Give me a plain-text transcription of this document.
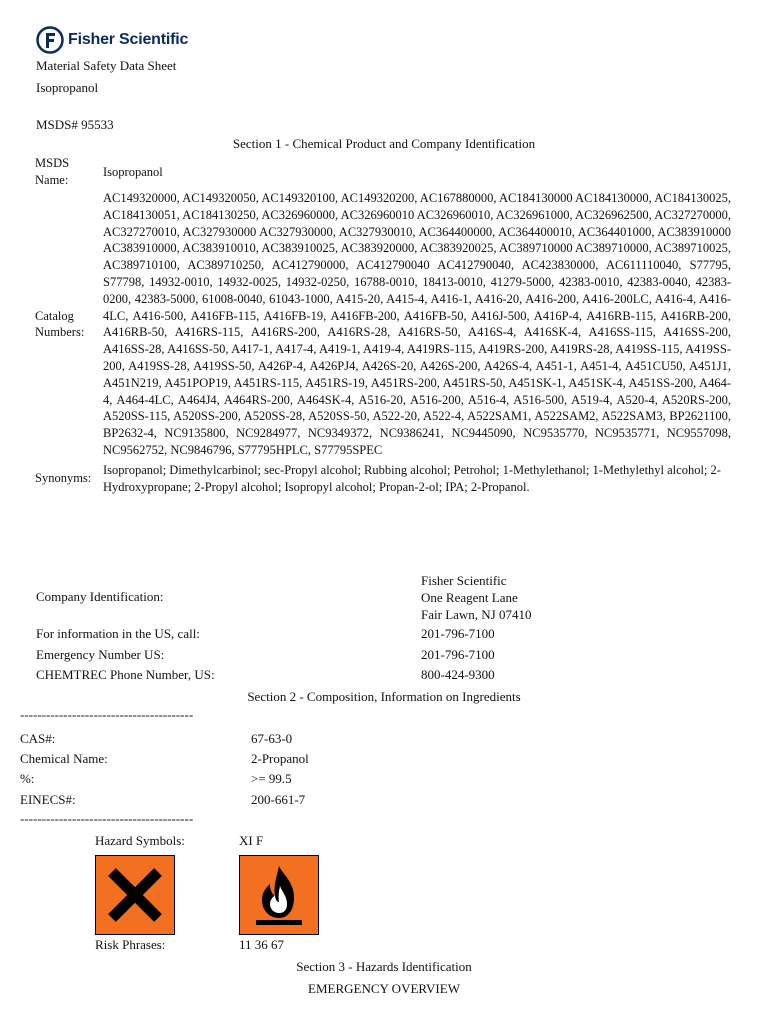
Fisher Scientific
Material Safety Data Sheet
Isopropanol
MSDS# 95533
Section 1 - Chemical Product and Company Identification
MSDS Name:	Isopropanol
Catalog Numbers:	AC149320000, AC149320050, AC149320100, AC149320200, AC167880000, AC184130000 AC184130000, AC184130025, AC184130051, AC184130250, AC326960000, AC326960010 AC326960010, AC326961000, AC326962500, AC327270000, AC327270010, AC327930000 AC327930000, AC327930010, AC364400000, AC364400010, AC364401000, AC383910000 AC383910000, AC383910010, AC383910025, AC383920000, AC383920025, AC389710000 AC389710000, AC389710025, AC389710100, AC389710250, AC412790000, AC412790040 AC412790040, AC423830000, AC611110040, S77795, S77798, 14932-0010, 14932-0025, 14932-0250, 16788-0010, 18413-0010, 41279-5000, 42383-0010, 42383-0040, 42383-0200, 42383-5000, 61008-0040, 61043-1000, A415-20, A415-4, A416-1, A416-20, A416-200, A416-200LC, A416-4, A416-4LC, A416-500, A416FB-115, A416FB-19, A416FB-200, A416FB-50, A416J-500, A416P-4, A416RB-115, A416RB-200, A416RB-50, A416RS-115, A416RS-200, A416RS-28, A416RS-50, A416S-4, A416SK-4, A416SS-115, A416SS-200, A416SS-28, A416SS-50, A417-1, A417-4, A419-1, A419-4, A419RS-115, A419RS-200, A419RS-28, A419SS-115, A419SS-200, A419SS-28, A419SS-50, A426P-4, A426PJ4, A426S-20, A426S-200, A426S-4, A451-1, A451-4, A451CU50, A451J1, A451N219, A451POP19, A451RS-115, A451RS-19, A451RS-200, A451RS-50, A451SK-1, A451SK-4, A451SS-200, A464-4, A464-4LC, A464J4, A464RS-200, A464SK-4, A516-20, A516-200, A516-4, A516-500, A519-4, A520-4, A520RS-200, A520SS-115, A520SS-200, A520SS-28, A520SS-50, A522-20, A522-4, A522SAM1, A522SAM2, A522SAM3, BP2621100, BP2632-4, NC9135800, NC9284977, NC9349372, NC9386241, NC9445090, NC9535770, NC9535771, NC9557098, NC9562752, NC9846796, S77795HPLC, S77795SPEC
Synonyms:	Isopropanol; Dimethylcarbinol; sec-Propyl alcohol; Rubbing alcohol; Petrohol; 1-Methylethanol; 1-Methylethyl alcohol; 2-Hydroxypropane; 2-Propyl alcohol; Isopropyl alcohol; Propan-2-ol; IPA; 2-Propanol.
Company Identification:
Fisher Scientific
One Reagent Lane
Fair Lawn, NJ 07410
For information in the US, call:	201-796-7100
Emergency Number US:	201-796-7100
CHEMTREC Phone Number, US:	800-424-9300
Section 2 - Composition, Information on Ingredients
----------------------------------------
CAS#:	67-63-0
Chemical Name:	2-Propanol
%:	>= 99.5
EINECS#:	200-661-7
----------------------------------------
Hazard Symbols:	XI F
Risk Phrases:	11 36 67
Section 3 - Hazards Identification
EMERGENCY OVERVIEW
